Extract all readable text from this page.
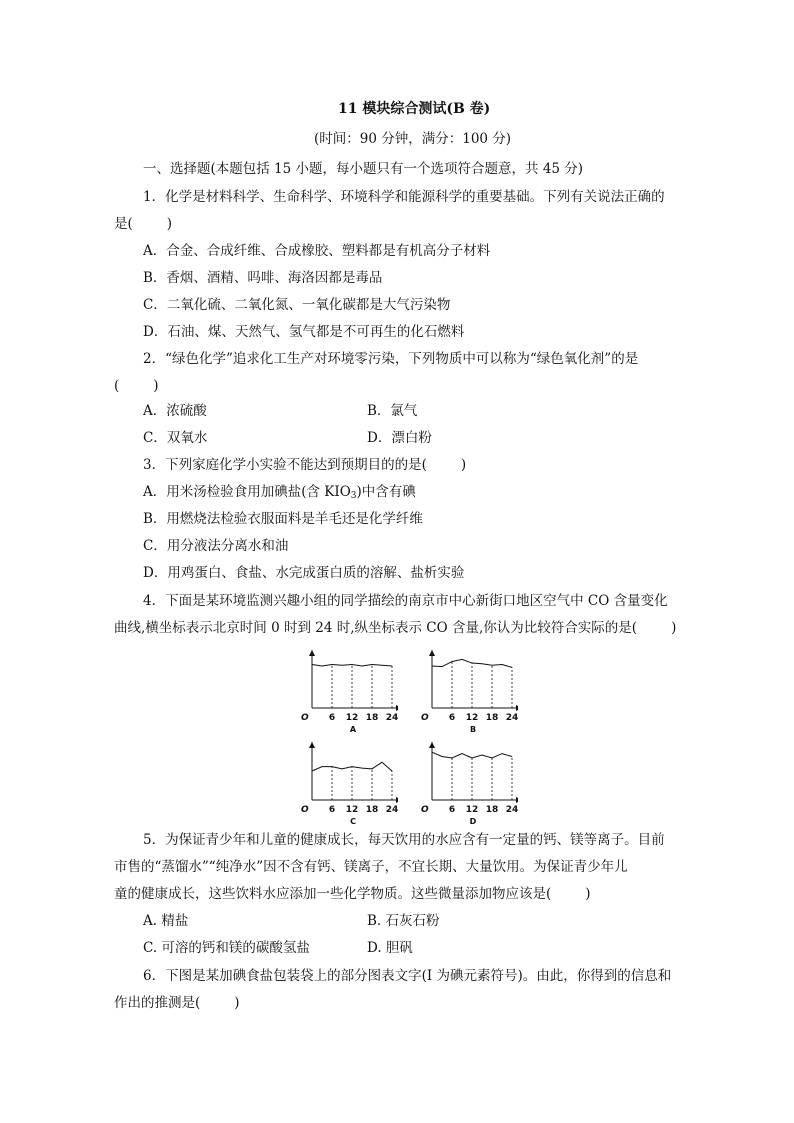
11 模块综合测试(B 卷)
(时间：90 分钟，满分：100 分)
一、选择题(本题包括 15 小题，每小题只有一个选项符合题意，共 45 分)
1．化学是材料科学、生命科学、环境科学和能源科学的重要基础。下列有关说法正确的
是(	)
A．合金、合成纤维、合成橡胶、塑料都是有机高分子材料
B．香烟、酒精、吗啡、海洛因都是毒品
C．二氧化硫、二氧化氮、一氧化碳都是大气污染物
D．石油、煤、天然气、氢气都是不可再生的化石燃料
2．“绿色化学”追求化工生产对环境零污染，下列物质中可以称为“绿色氧化剂”的是
(	)
A．浓硫酸	B．氯气
C．双氧水	D．漂白粉
3．下列家庭化学小实验不能达到预期目的的是(	)
A．用米汤检验食用加碘盐(含 $KIO_3$)中含有碘
B．用燃烧法检验衣服面料是羊毛还是化学纤维
C．用分液法分离水和油
D．用鸡蛋白、食盐、水完成蛋白质的溶解、盐析实验
4．下面是某环境监测兴趣小组的同学描绘的南京市中心新街口地区空气中 CO 含量变化
曲线,横坐标表示北京时间 0 时到 24 时,纵坐标表示 CO 含量,你认为比较符合实际的是(	)
6 12 18 24
O
A
6 12 18 24
O
B
6 12 18 24
O
C
6 12 18 24
O
D
5．为保证青少年和儿童的健康成长，每天饮用的水应含有一定量的钙、镁等离子。目前
市售的“蒸馏水”“纯净水”因不含有钙、镁离子，不宜长期、大量饮用。为保证青少年儿
童的健康成长，这些饮料水应添加一些化学物质。这些微量添加物应该是(	)
A. 精盐	B. 石灰石粉
C. 可溶的钙和镁的碳酸氢盐	D. 胆矾
6．下图是某加碘食盐包装袋上的部分图表文字(I 为碘元素符号)。由此，你得到的信息和
作出的推测是(	)
